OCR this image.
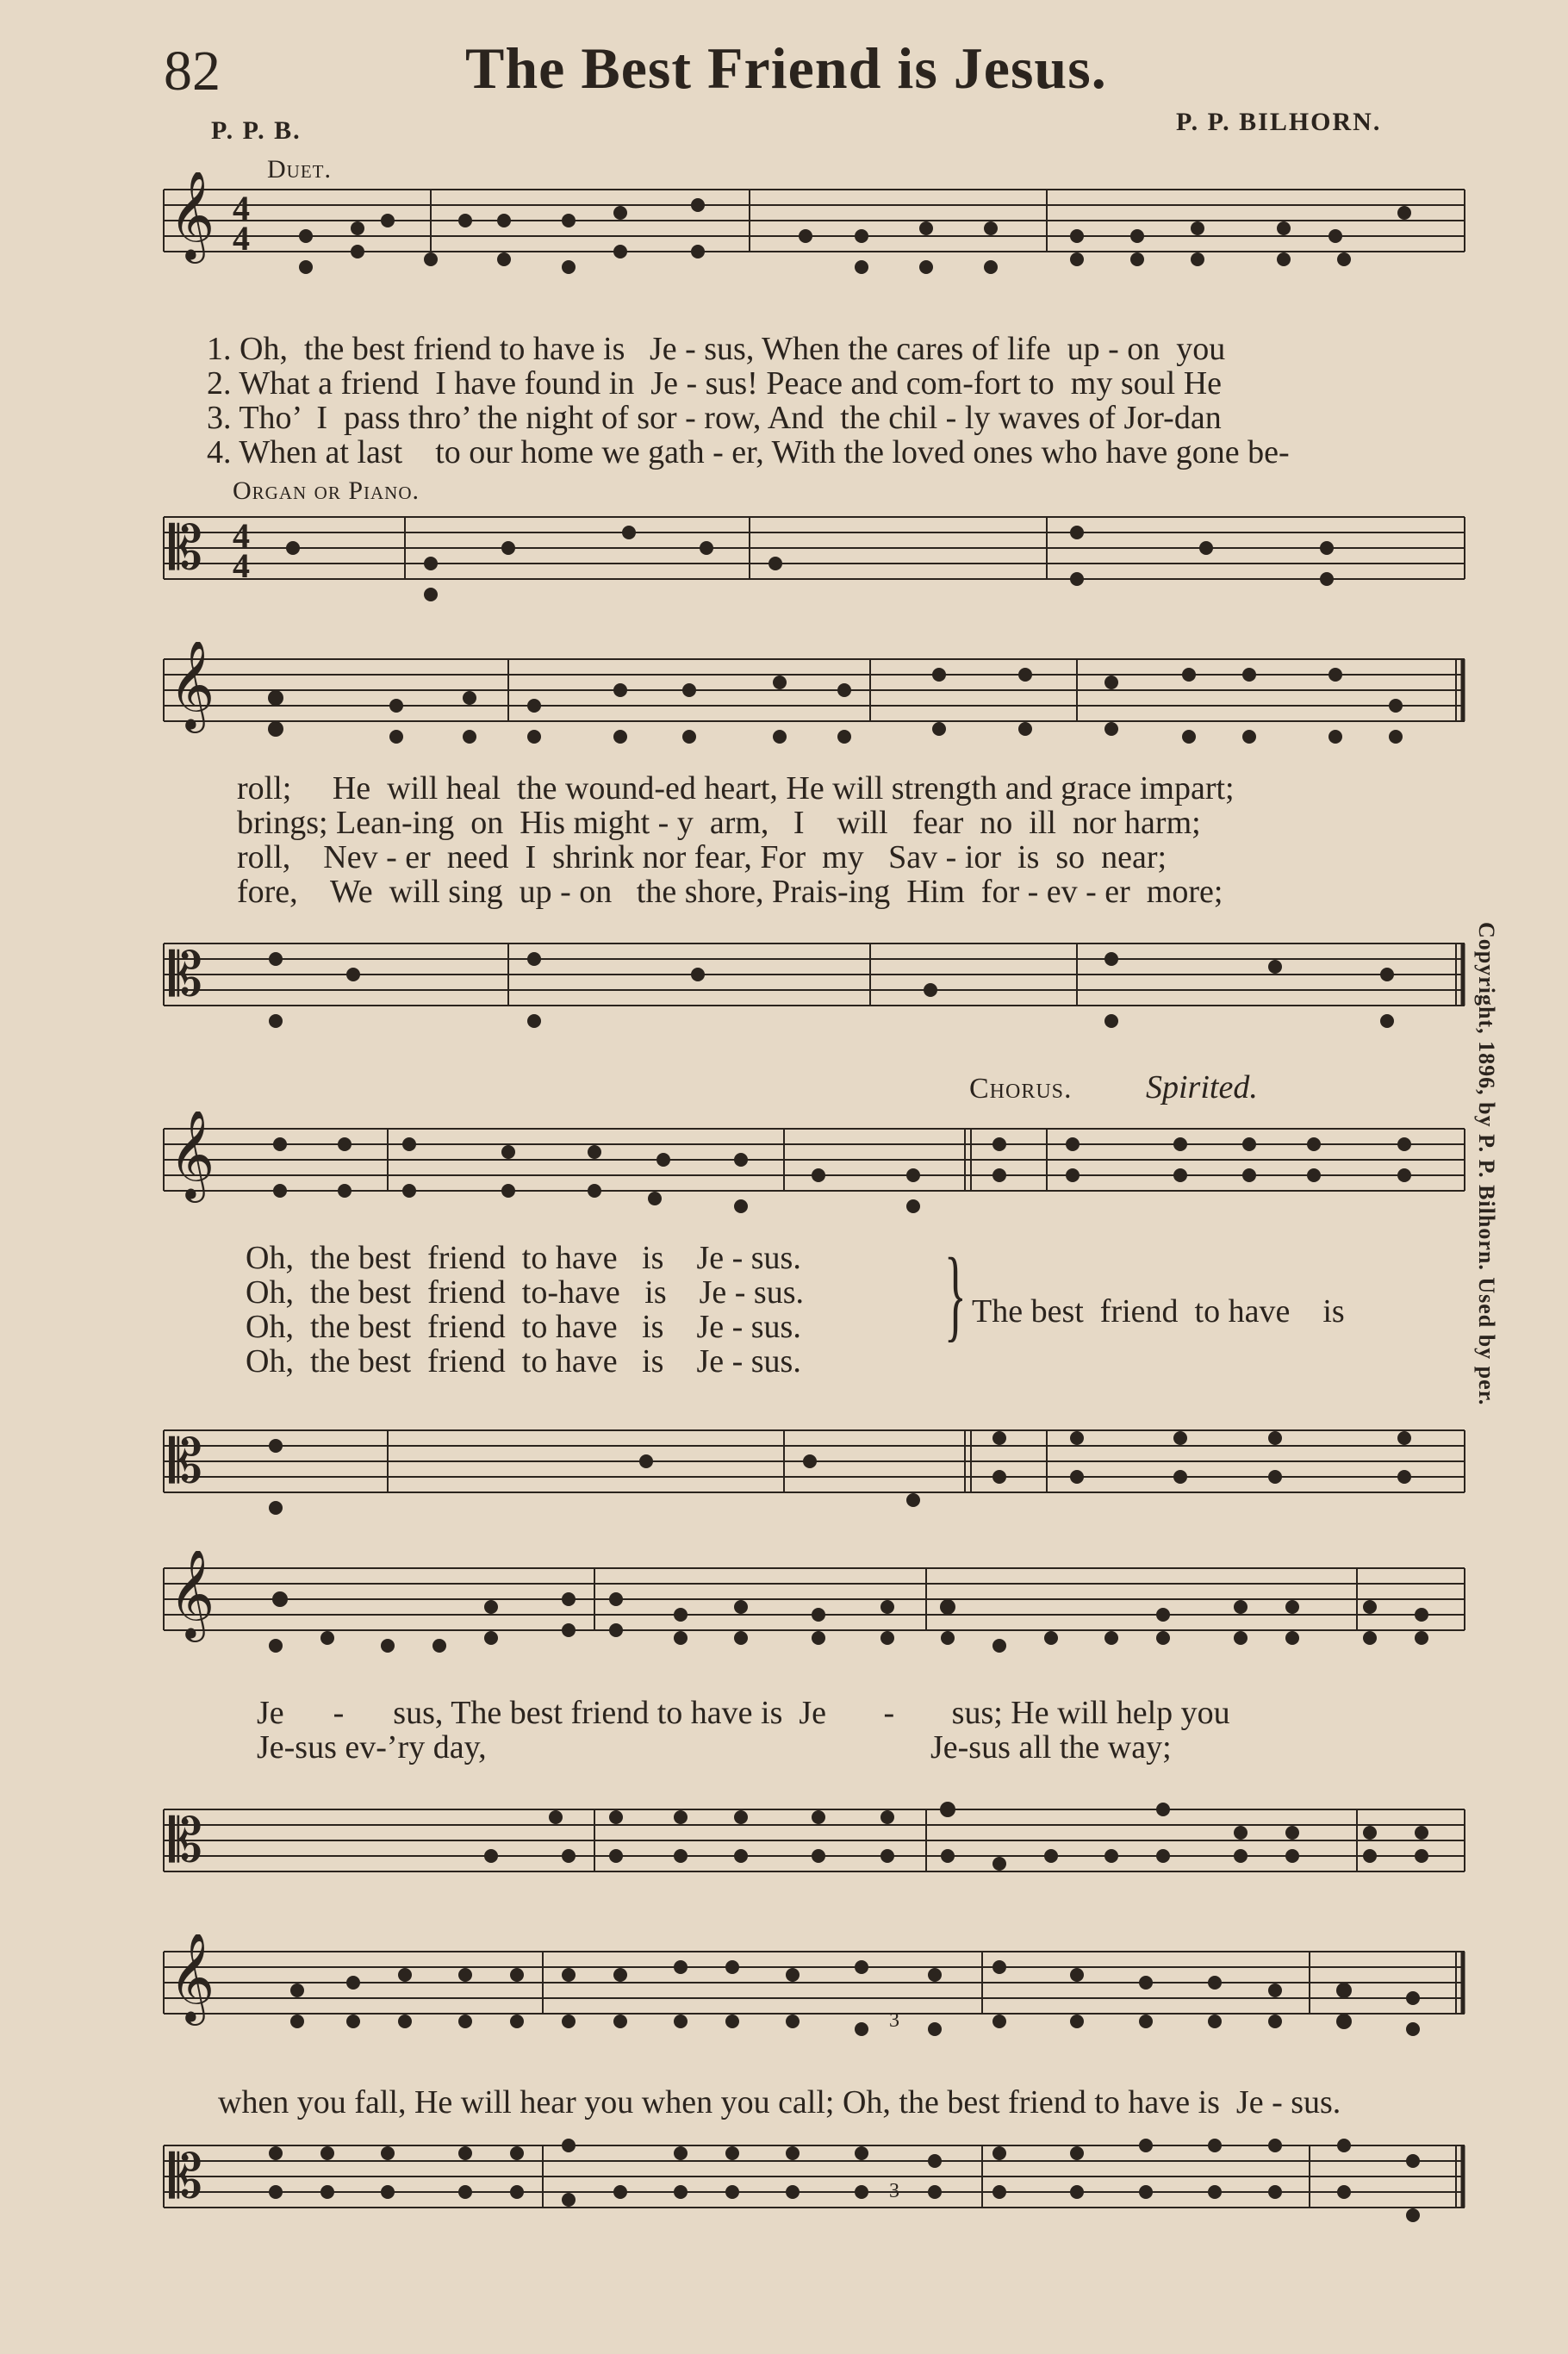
82	The Best Friend is Jesus.
P. P. B.	P. P. BILHORN.
Duet.
𝄞 4
4
1. Oh,  the best friend to have is   Je - sus, When the cares of life  up - on  you
2. What a friend  I have found in  Je - sus! Peace and com-fort to  my soul He
3. Tho’  I  pass thro’ the night of sor - row, And  the chil - ly waves of Jor-dan
4. When at last    to our home we gath - er, With the loved ones who have gone be-
Organ or Piano.
𝄡 4
4
𝄞
roll;     He  will heal  the wound-ed heart, He will strength and grace impart;
brings; Lean-ing  on  His might - y  arm,   I    will   fear  no  ill  nor harm;
roll,    Nev - er  need  I  shrink nor fear, For  my   Sav - ior  is  so  near;
fore,    We  will sing  up - on   the shore, Prais-ing  Him  for - ev - er  more;
𝄡
Chorus. Spirited.
𝄞
Oh,  the best  friend  to have   is    Je - sus.
Oh,  the best  friend  to-have   is    Je - sus.
Oh,  the best  friend  to have   is    Je - sus.
Oh,  the best  friend  to have   is    Je - sus.
} The best  friend  to have    is
𝄡
𝄞
Je      -      sus, The best friend to have is  Je       -       sus; He will help you
Je-sus ev-’ry day,	Je-sus all the way;
𝄡
𝄞	3
when you fall, He will hear you when you call; Oh, the best friend to have is  Je - sus.
𝄡	3
Copyright, 1896, by P. P. Bilhorn. Used by per.
